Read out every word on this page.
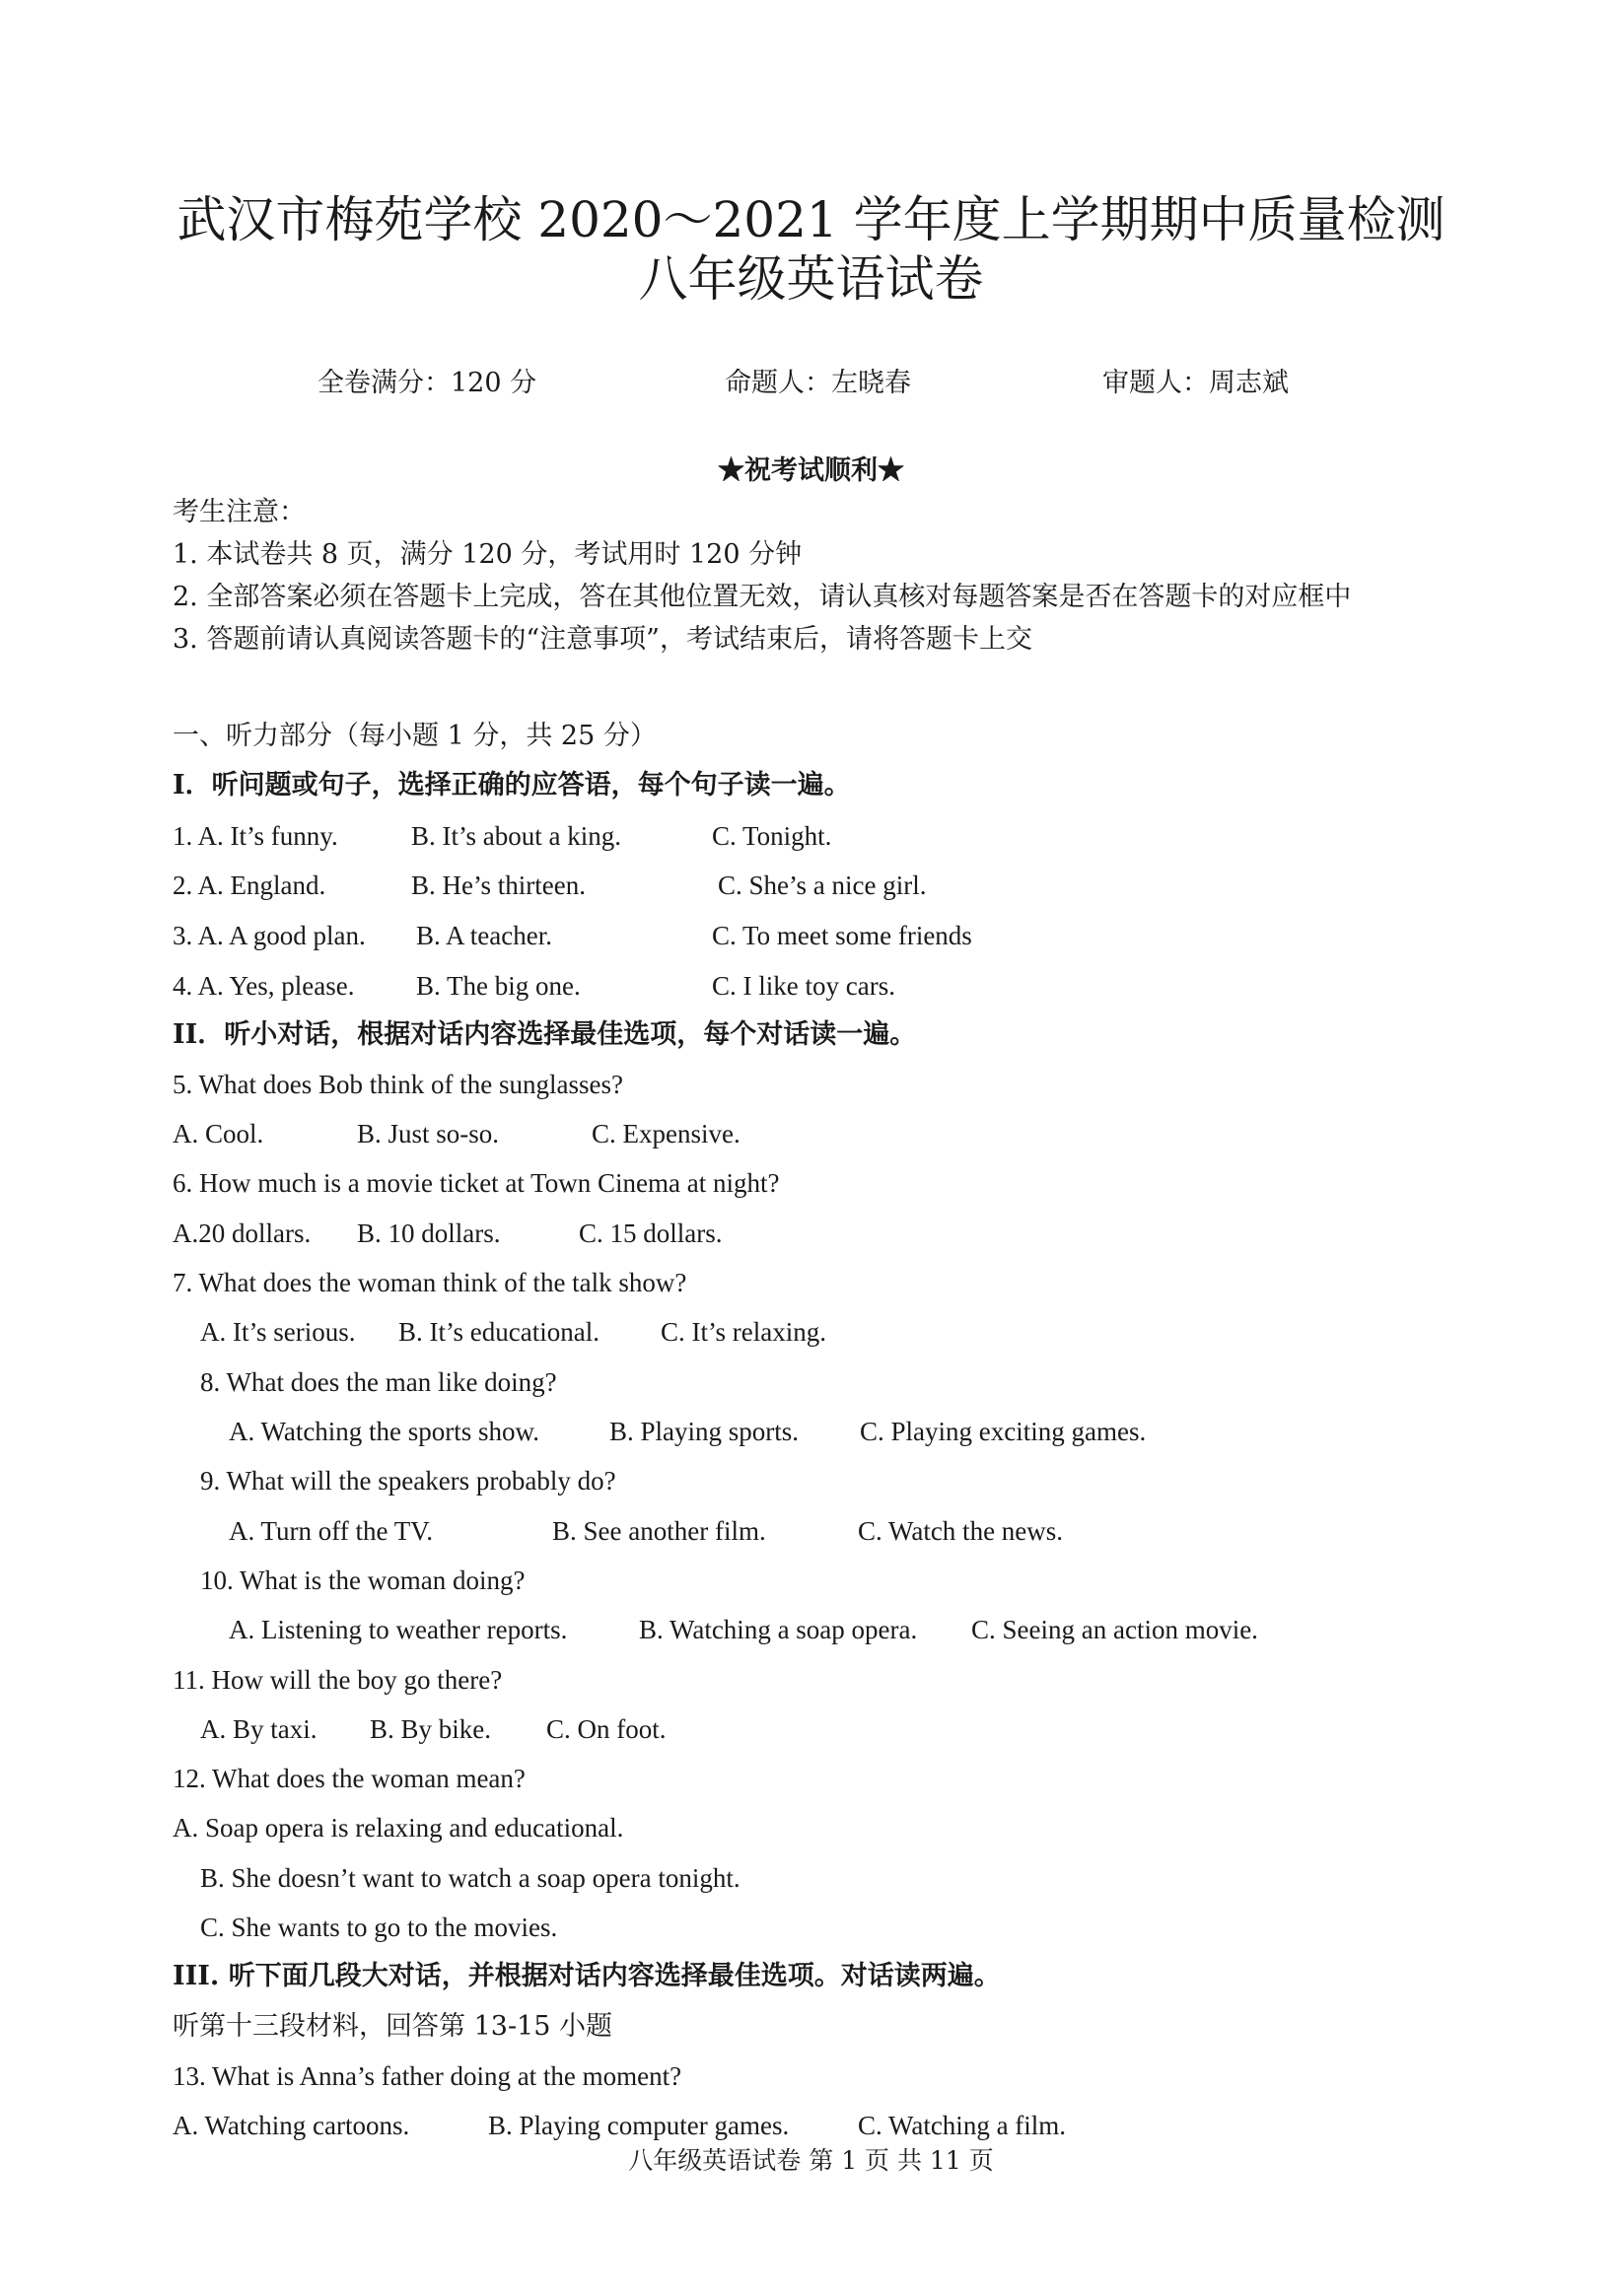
武汉市梅苑学校 2020～2021 学年度上学期期中质量检测
八年级英语试卷
全卷满分：120 分	命题人：左晓春	审题人：周志斌
★祝考试顺利★
考生注意：
1. 本试卷共 8 页，满分 120 分，考试用时 120 分钟
2. 全部答案必须在答题卡上完成，答在其他位置无效，请认真核对每题答案是否在答题卡的对应框中
3. 答题前请认真阅读答题卡的“注意事项”，考试结束后，请将答题卡上交
一、听力部分（每小题 1 分，共 25 分）
I．听问题或句子，选择正确的应答语，每个句子读一遍。
1. A. It’s funny.	B. It’s about a king.	C. Tonight.
2. A. England.	B. He’s thirteen.	C. She’s a nice girl.
3. A. A good plan. B. A teacher.	C. To meet some friends
4. A. Yes, please. B. The big one.	C. I like toy cars.
II．听小对话，根据对话内容选择最佳选项，每个对话读一遍。
5. What does Bob think of the sunglasses?
A. Cool.	B. Just so-so.	C. Expensive.
6. How much is a movie ticket at Town Cinema at night?
A.20 dollars. B. 10 dollars.	C. 15 dollars.
7. What does the woman think of the talk show?
A. It’s serious. B. It’s educational. C. It’s relaxing.
8. What does the man like doing?
A. Watching the sports show.	B. Playing sports. C. Playing exciting games.
9. What will the speakers probably do?
A. Turn off the TV.	B. See another film.	C. Watch the news.
10. What is the woman doing?
A. Listening to weather reports.	B. Watching a soap opera. C. Seeing an action movie.
11. How will the boy go there?
A. By taxi. B. By bike. C. On foot.
12. What does the woman mean?
A. Soap opera is relaxing and educational.
B. She doesn’t want to watch a soap opera tonight.
C. She wants to go to the movies.
III. 听下面几段大对话，并根据对话内容选择最佳选项。对话读两遍。
听第十三段材料，回答第 13-15 小题
13. What is Anna’s father doing at the moment?
A. Watching cartoons.	B. Playing computer games.	C. Watching a film.
八年级英语试卷 第 1 页 共 11 页
